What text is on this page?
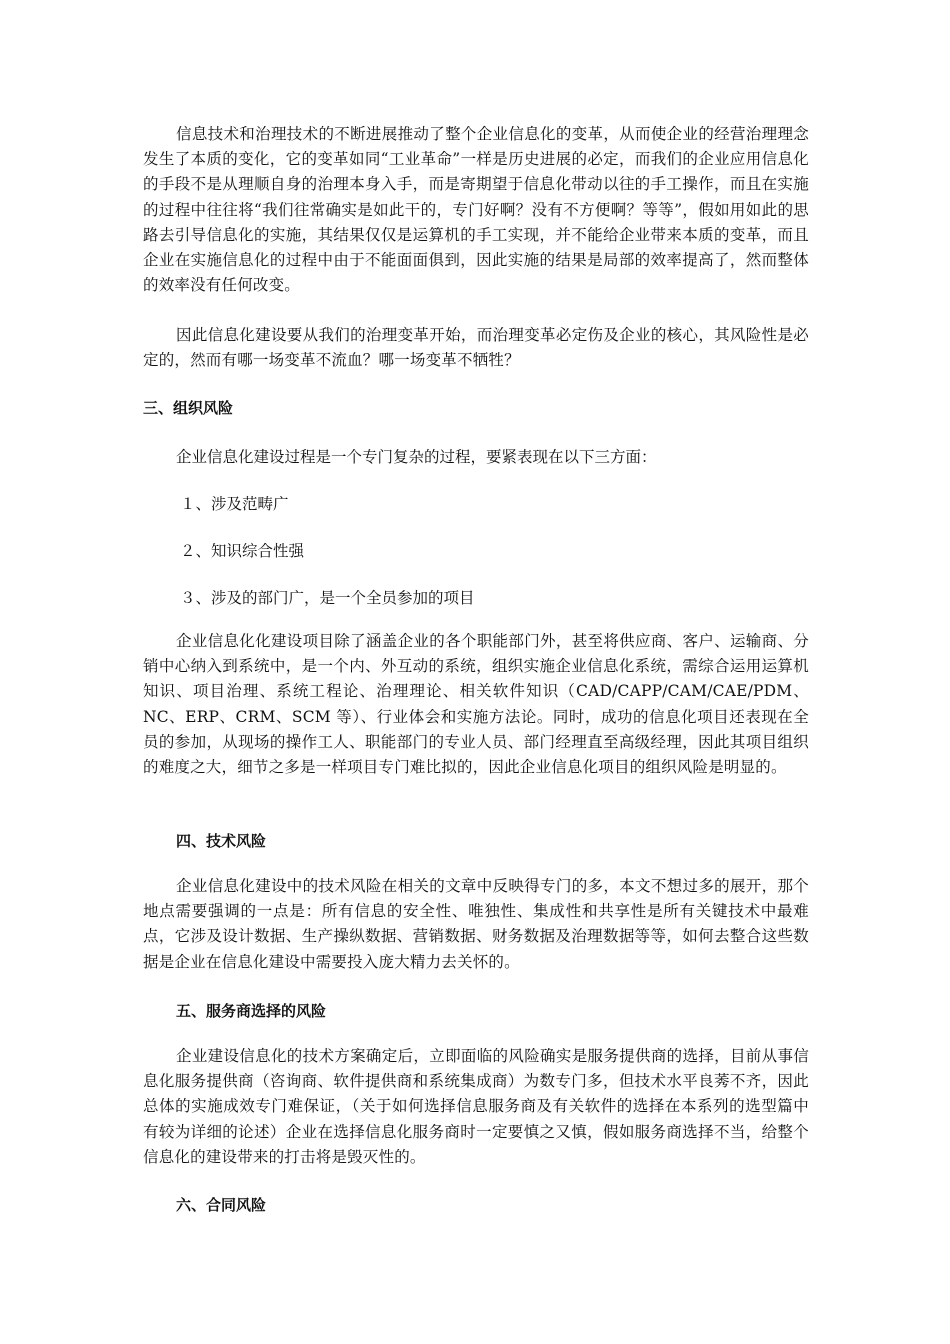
信息技术和治理技术的不断进展推动了整个企业信息化的变革，从而使企业的经营治理理念发生了本质的变化，它的变革如同“工业革命”一样是历史进展的必定，而我们的企业应用信息化的手段不是从理顺自身的治理本身入手，而是寄期望于信息化带动以往的手工操作，而且在实施的过程中往往将“我们往常确实是如此干的，专门好啊？没有不方便啊？等等”，假如用如此的思路去引导信息化的实施，其结果仅仅是运算机的手工实现，并不能给企业带来本质的变革，而且企业在实施信息化的过程中由于不能面面俱到，因此实施的结果是局部的效率提高了，然而整体的效率没有任何改变。

因此信息化建设要从我们的治理变革开始，而治理变革必定伤及企业的核心，其风险性是必定的，然而有哪一场变革不流血？哪一场变革不牺牲？

三、组织风险

企业信息化建设过程是一个专门复杂的过程，要紧表现在以下三方面：

１、涉及范畴广

２、知识综合性强

３、涉及的部门广，是一个全员参加的项目

企业信息化化建设项目除了涵盖企业的各个职能部门外，甚至将供应商、客户、运输商、分销中心纳入到系统中，是一个内、外互动的系统，组织实施企业信息化系统，需综合运用运算机知识、项目治理、系统工程论、治理理论、相关软件知识（CAD/CAPP/CAM/CAE/PDM、NC、ERP、CRM、SCM 等）、行业体会和实施方法论。同时，成功的信息化项目还表现在全员的参加，从现场的操作工人、职能部门的专业人员、部门经理直至高级经理，因此其项目组织的难度之大，细节之多是一样项目专门难比拟的，因此企业信息化项目的组织风险是明显的。

四、技术风险

企业信息化建设中的技术风险在相关的文章中反映得专门的多，本文不想过多的展开，那个地点需要强调的一点是：所有信息的安全性、唯独性、集成性和共享性是所有关键技术中最难点，它涉及设计数据、生产操纵数据、营销数据、财务数据及治理数据等等，如何去整合这些数据是企业在信息化建设中需要投入庞大精力去关怀的。

五、服务商选择的风险

企业建设信息化的技术方案确定后，立即面临的风险确实是服务提供商的选择，目前从事信息化服务提供商（咨询商、软件提供商和系统集成商）为数专门多，但技术水平良莠不齐，因此总体的实施成效专门难保证，（关于如何选择信息服务商及有关软件的选择在本系列的选型篇中有较为详细的论述）企业在选择信息化服务商时一定要慎之又慎，假如服务商选择不当，给整个信息化的建设带来的打击将是毁灭性的。

六、合同风险
